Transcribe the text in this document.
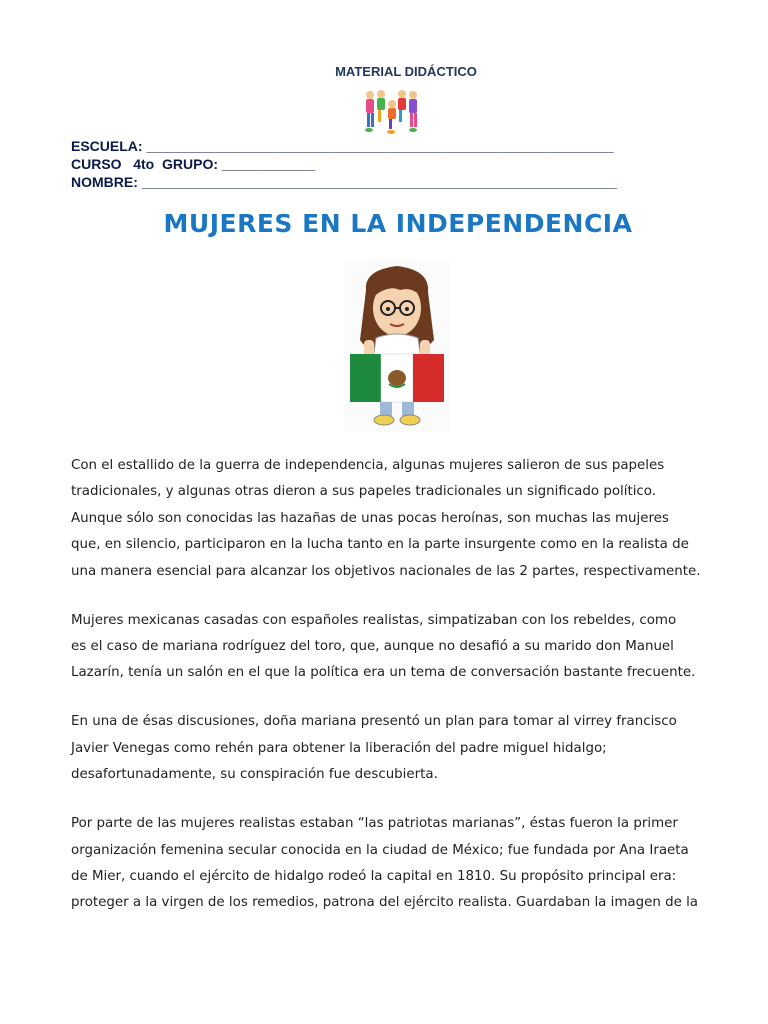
MATERIAL DIDÁCTICO
ESCUELA: ____________________________________________________________
CURSO   4to  GRUPO: ____________
NOMBRE: _____________________________________________________________
MUJERES EN LA INDEPENDENCIA

Con el estallido de la guerra de independencia, algunas mujeres salieron de sus papeles
tradicionales, y algunas otras dieron a sus papeles tradicionales un significado político.
Aunque sólo son conocidas las hazañas de unas pocas heroínas, son muchas las mujeres
que, en silencio, participaron en la lucha tanto en la parte insurgente como en la realista de
una manera esencial para alcanzar los objetivos nacionales de las 2 partes, respectivamente.

Mujeres mexicanas casadas con españoles realistas, simpatizaban con los rebeldes, como
es el caso de mariana rodríguez del toro, que, aunque no desafió a su marido don Manuel
Lazarín, tenía un salón en el que la política era un tema de conversación bastante frecuente.

En una de ésas discusiones, doña mariana presentó un plan para tomar al virrey francisco
Javier Venegas como rehén para obtener la liberación del padre miguel hidalgo;
desafortunadamente, su conspiración fue descubierta.

Por parte de las mujeres realistas estaban “las patriotas marianas”, éstas fueron la primer
organización femenina secular conocida en la ciudad de México; fue fundada por Ana Iraeta
de Mier, cuando el ejército de hidalgo rodeó la capital en 1810. Su propósito principal era:
proteger a la virgen de los remedios, patrona del ejército realista. Guardaban la imagen de la
